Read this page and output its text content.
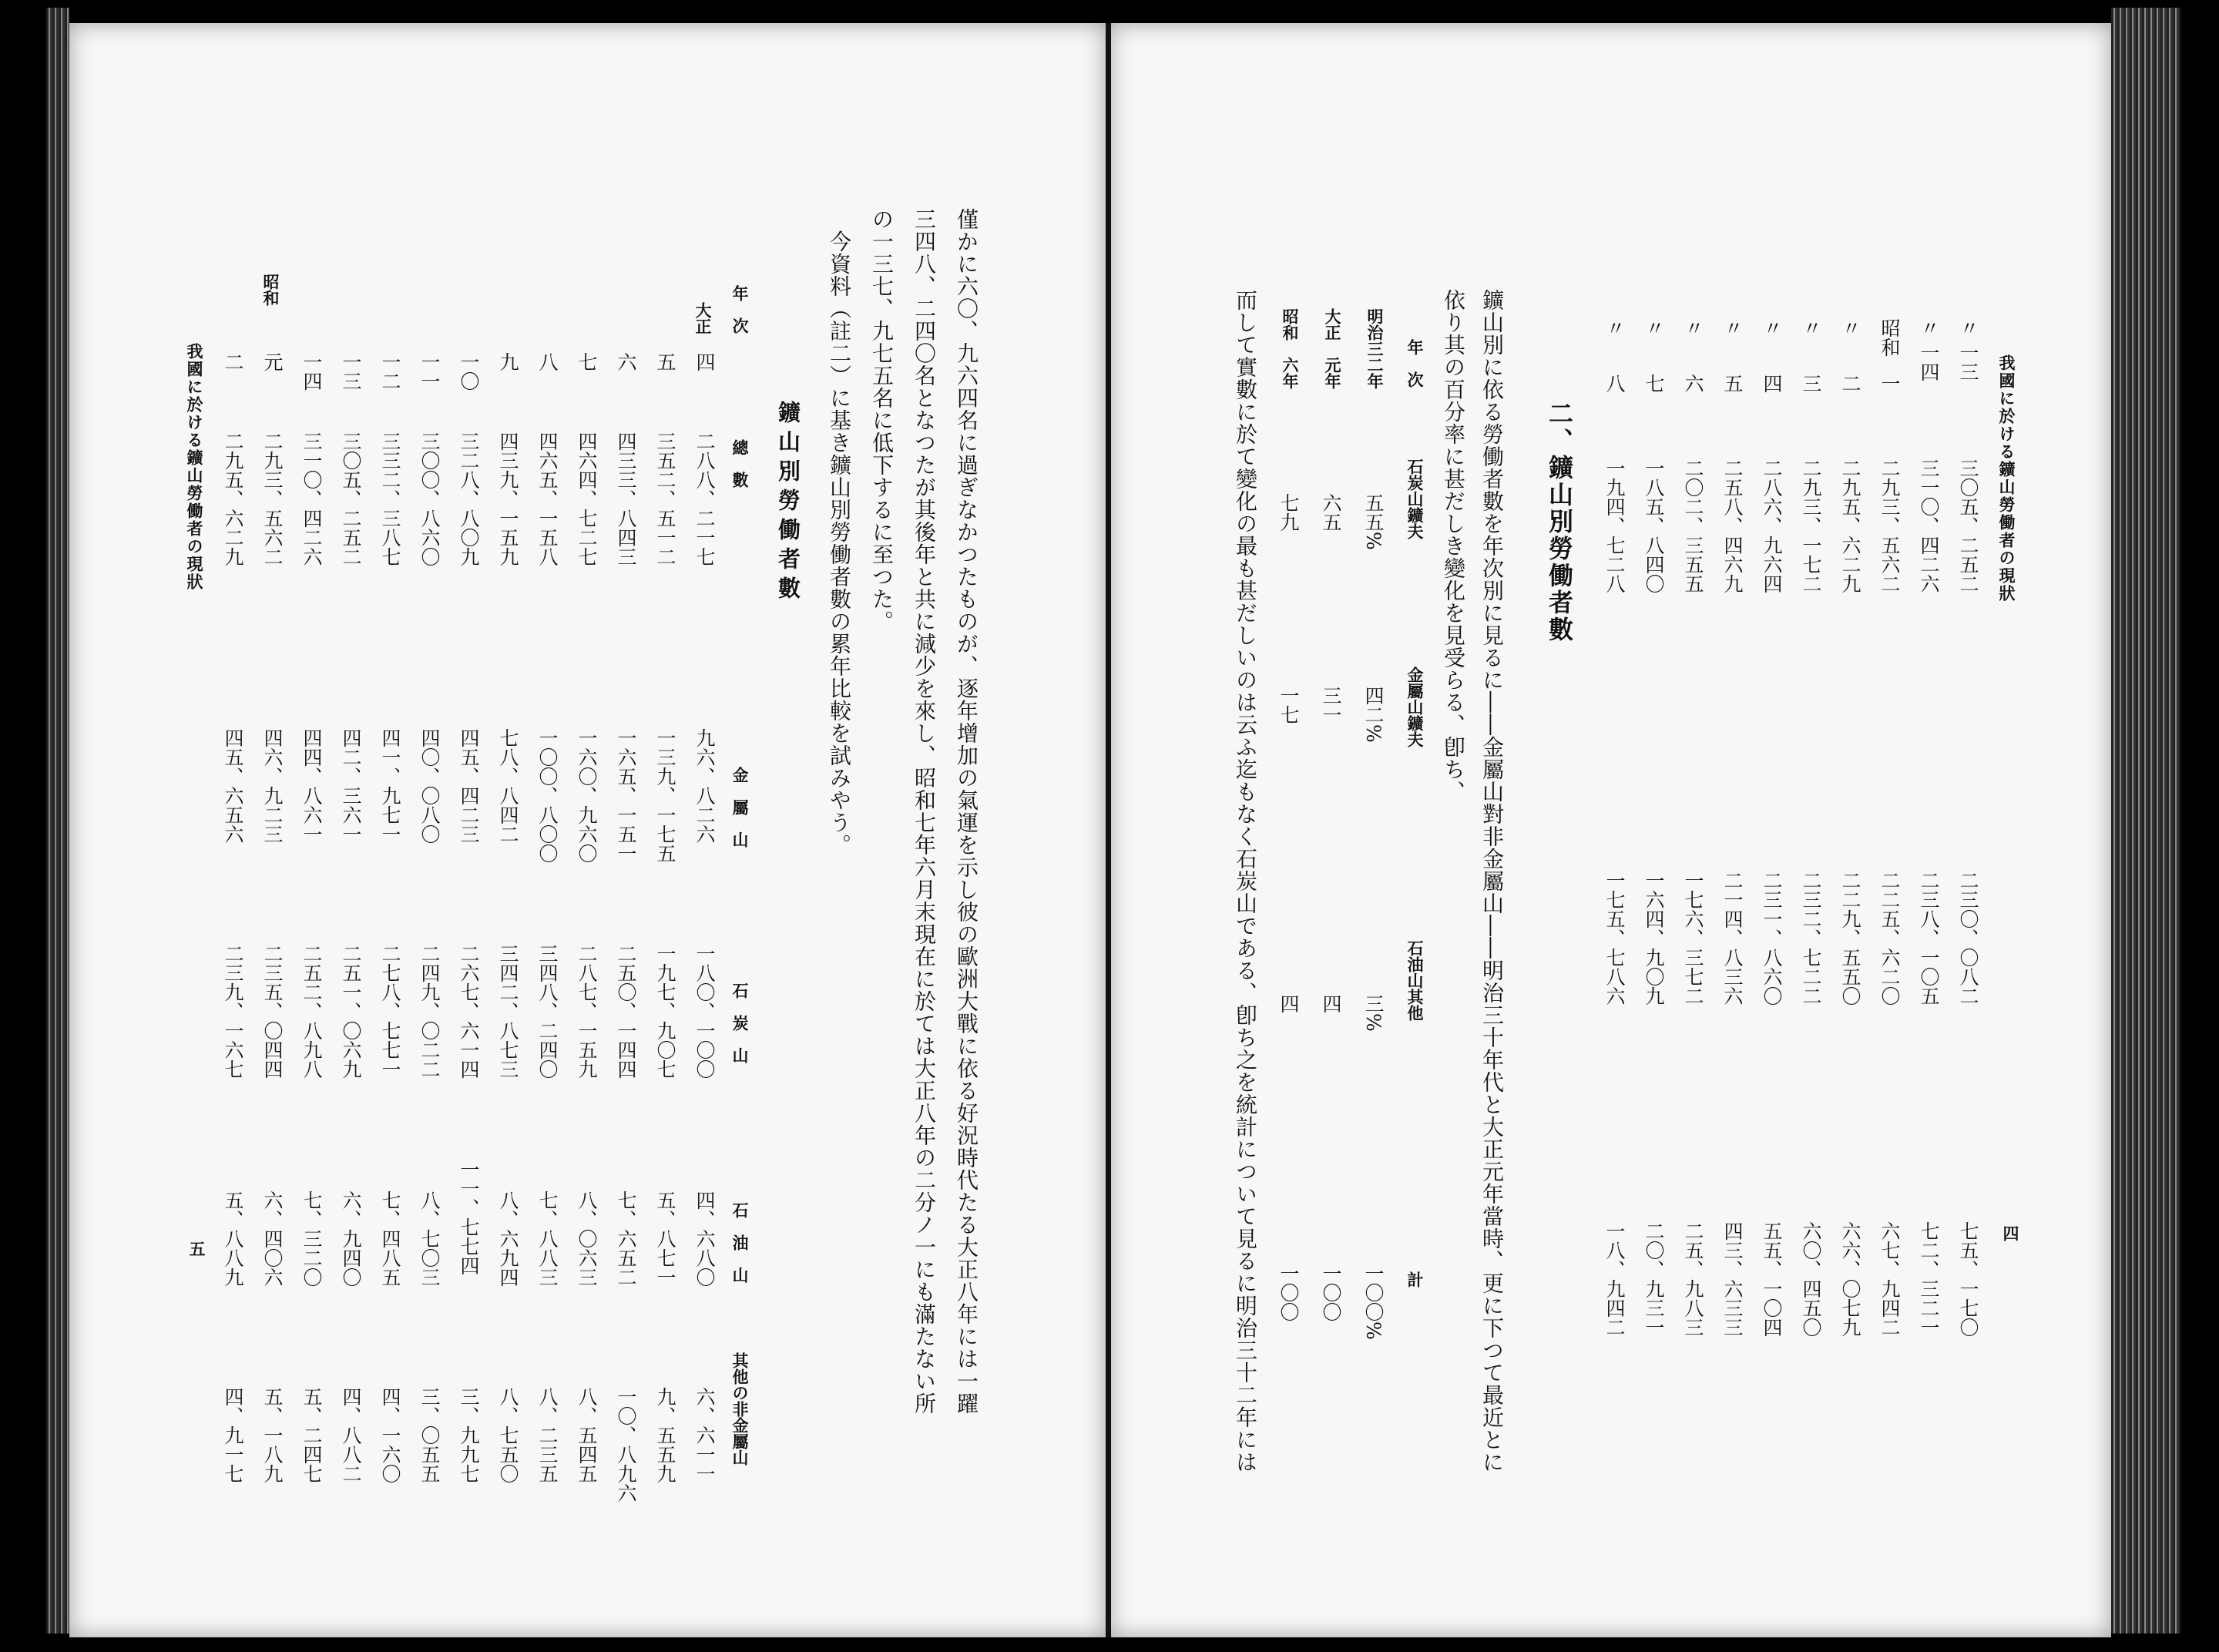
我國に於ける鑛山勞働者の現狀
四
〃
一三
三〇五、二五二
二三〇、〇八二
七五、一七〇
〃
一四
三一〇、四二六
二三八、一〇五
七二、三二一
昭和
一
二九三、五六二
二二五、六二〇
六七、九四二
〃
二
二九五、六二九
二二九、五五〇
六六、〇七九
〃
三
二九三、一七二
二三二、七二二
六〇、四五〇
〃
四
二八六、九六四
二三一、八六〇
五五、一〇四
〃
五
二五八、四六九
二一四、八三六
四三、六三三
〃
六
二〇二、三五五
一七六、三七二
二五、九八三
〃
七
一八五、八四〇
一六四、九〇九
二〇、九三一
〃
八
一九四、七二八
一七五、七八六
一八、九四二
二、鑛山別勞働者數
鑛山別に依る勞働者數を年次別に見るに――金屬山對非金屬山――明治三十年代と大正元年當時、更に下つて最近とに
依り其の百分率に甚だしき變化を見受らる、卽ち、
年　次
石炭山鑛夫
金屬山鑛夫
石油山其他
計
明治三二年
五五%
四二%
三%
一〇〇%
大正　元年
六五
三一
四
一〇〇
昭和　六年
七九
一七
四
一〇〇
而して實數に於て變化の最も甚だしいのは云ふ迄もなく石炭山である、卽ち之を統計について見るに明治三十二年には
僅かに六〇、九六四名に過ぎなかつたものが、逐年增加の氣運を示し彼の歐洲大戰に依る好況時代たる大正八年には一躍
三四八、二四〇名となつたが其後年と共に減少を來し、昭和七年六月末現在に於ては大正八年の二分ノ一にも滿たない所
の一三七、九七五名に低下するに至つた。
　今資料（註二）に基き鑛山別勞働者數の累年比較を試みやう。
鑛山別勞働者數
年　次
總　數
金　屬　山
石　炭　山
石　油　山
其他の非金屬山
大正
四
二八八、二一七
九六、八二六
一八〇、一〇〇
四、六八〇
六、六一一
五
三五二、五一二
一三九、一七五
一九七、九〇七
五、八七一
九、五五九
六
四三三、八四三
一六五、一五一
二五〇、一四四
七、六五二
一〇、八九六
七
四六四、七二七
一六〇、九六〇
二八七、一五九
八、〇六三
八、五四五
八
四六五、一五八
一〇〇、八〇〇
三四八、二四〇
七、八八三
八、二三五
九
四三九、一五九
七八、八四二
三四二、八七三
八、六九四
八、七五〇
一〇
三二八、八〇九
四五、四二三
二六七、六一四
一一、七七四
三、九九七
一一
三〇〇、八六〇
四〇、〇八〇
二四九、〇二二
八、七〇三
三、〇五五
一二
三三二、三八七
四一、九七一
二七八、七七一
七、四八五
四、一六〇
一三
三〇五、二五二
四二、三六一
二五一、〇六九
六、九四〇
四、八八二
一四
三一〇、四二六
四四、八六一
二五二、八九八
七、三二〇
五、二四七
昭和
元
二九三、五六二
四六、九二三
二三五、〇四四
六、四〇六
五、一八九
二
二九五、六二九
四五、六五六
二三九、一六七
五、八八九
四、九一七
我國に於ける鑛山勞働者の現狀
五
